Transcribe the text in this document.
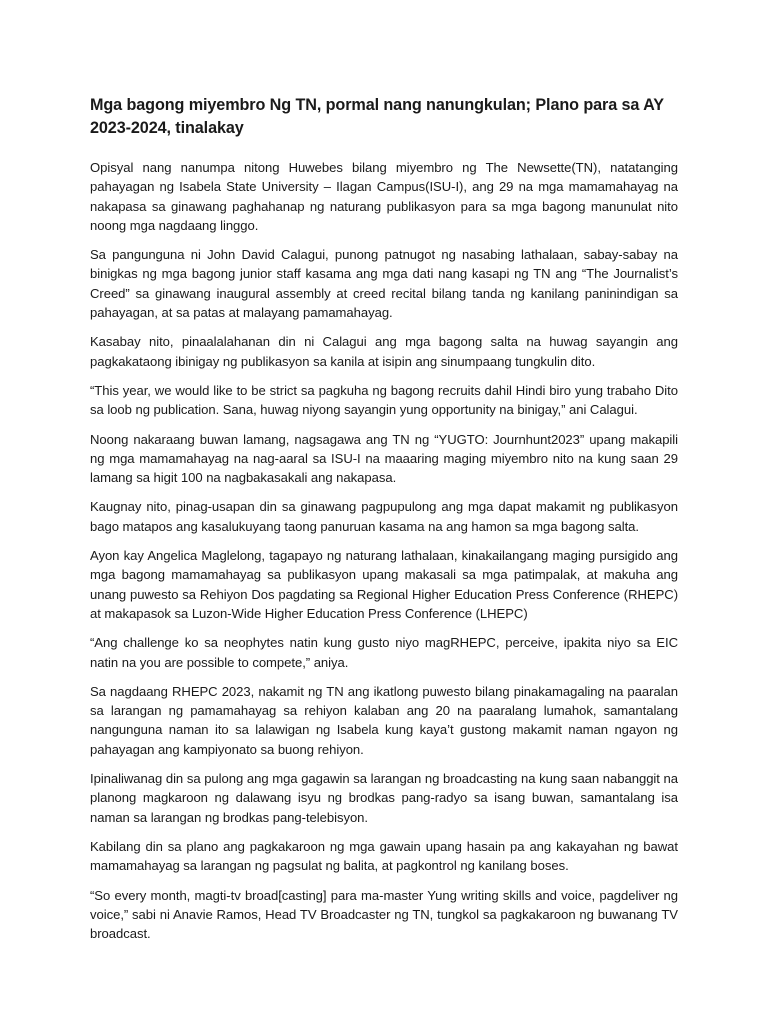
Mga bagong miyembro Ng TN, pormal nang nanungkulan; Plano para sa AY 2023-2024, tinalakay

Opisyal nang nanumpa nitong Huwebes bilang miyembro ng The Newsette(TN), natatanging pahayagan ng Isabela State University – Ilagan Campus(ISU-I), ang 29 na mga mamamahayag na nakapasa sa ginawang paghahanap ng naturang publikasyon para sa mga bagong manunulat nito noong mga nagdaang linggo.

Sa pangunguna ni John David Calagui, punong patnugot ng nasabing lathalaan, sabay-sabay na binigkas ng mga bagong junior staff kasama ang mga dati nang kasapi ng TN ang “The Journalist’s Creed” sa ginawang inaugural assembly at creed recital bilang tanda ng kanilang paninindigan sa pahayagan, at sa patas at malayang pamamahayag.

Kasabay nito, pinaalalahanan din ni Calagui ang mga bagong salta na huwag sayangin ang pagkakataong ibinigay ng publikasyon sa kanila at isipin ang sinumpaang tungkulin dito.

“This year, we would like to be strict sa pagkuha ng bagong recruits dahil Hindi biro yung trabaho Dito sa loob ng publication. Sana, huwag niyong sayangin yung opportunity na binigay,” ani Calagui.

Noong nakaraang buwan lamang, nagsagawa ang TN ng “YUGTO: Journhunt2023” upang makapili ng mga mamamahayag na nag-aaral sa ISU-I na maaaring maging miyembro nito na kung saan 29 lamang sa higit 100 na nagbakasakali ang nakapasa.

Kaugnay nito, pinag-usapan din sa ginawang pagpupulong ang mga dapat makamit ng publikasyon bago matapos ang kasalukuyang taong panuruan kasama na ang hamon sa mga bagong salta.

Ayon kay Angelica Maglelong, tagapayo ng naturang lathalaan, kinakailangang maging pursigido ang mga bagong mamamahayag sa publikasyon upang makasali sa mga patimpalak, at makuha ang unang puwesto sa Rehiyon Dos pagdating sa Regional Higher Education Press Conference (RHEPC) at makapasok sa Luzon-Wide Higher Education Press Conference (LHEPC)

“Ang challenge ko sa neophytes natin kung gusto niyo magRHEPC, perceive, ipakita niyo sa EIC natin na you are possible to compete,” aniya.

Sa nagdaang RHEPC 2023, nakamit ng TN ang ikatlong puwesto bilang pinakamagaling na paaralan sa larangan ng pamamahayag sa rehiyon kalaban ang 20 na paaralang lumahok, samantalang nangunguna naman ito sa lalawigan ng Isabela kung kaya’t gustong makamit naman ngayon ng pahayagan ang kampiyonato sa buong rehiyon.

Ipinaliwanag din sa pulong ang mga gagawin sa larangan ng broadcasting na kung saan nabanggit na planong magkaroon ng dalawang isyu ng brodkas pang-radyo sa isang buwan, samantalang isa naman sa larangan ng brodkas pang-telebisyon.

Kabilang din sa plano ang pagkakaroon ng mga gawain upang hasain pa ang kakayahan ng bawat mamamahayag sa larangan ng pagsulat ng balita, at pagkontrol ng kanilang boses.

“So every month, magti-tv broad[casting] para ma-master Yung writing skills and voice, pagdeliver ng voice,” sabi ni Anavie Ramos, Head TV Broadcaster ng TN, tungkol sa pagkakaroon ng buwanang TV broadcast.
